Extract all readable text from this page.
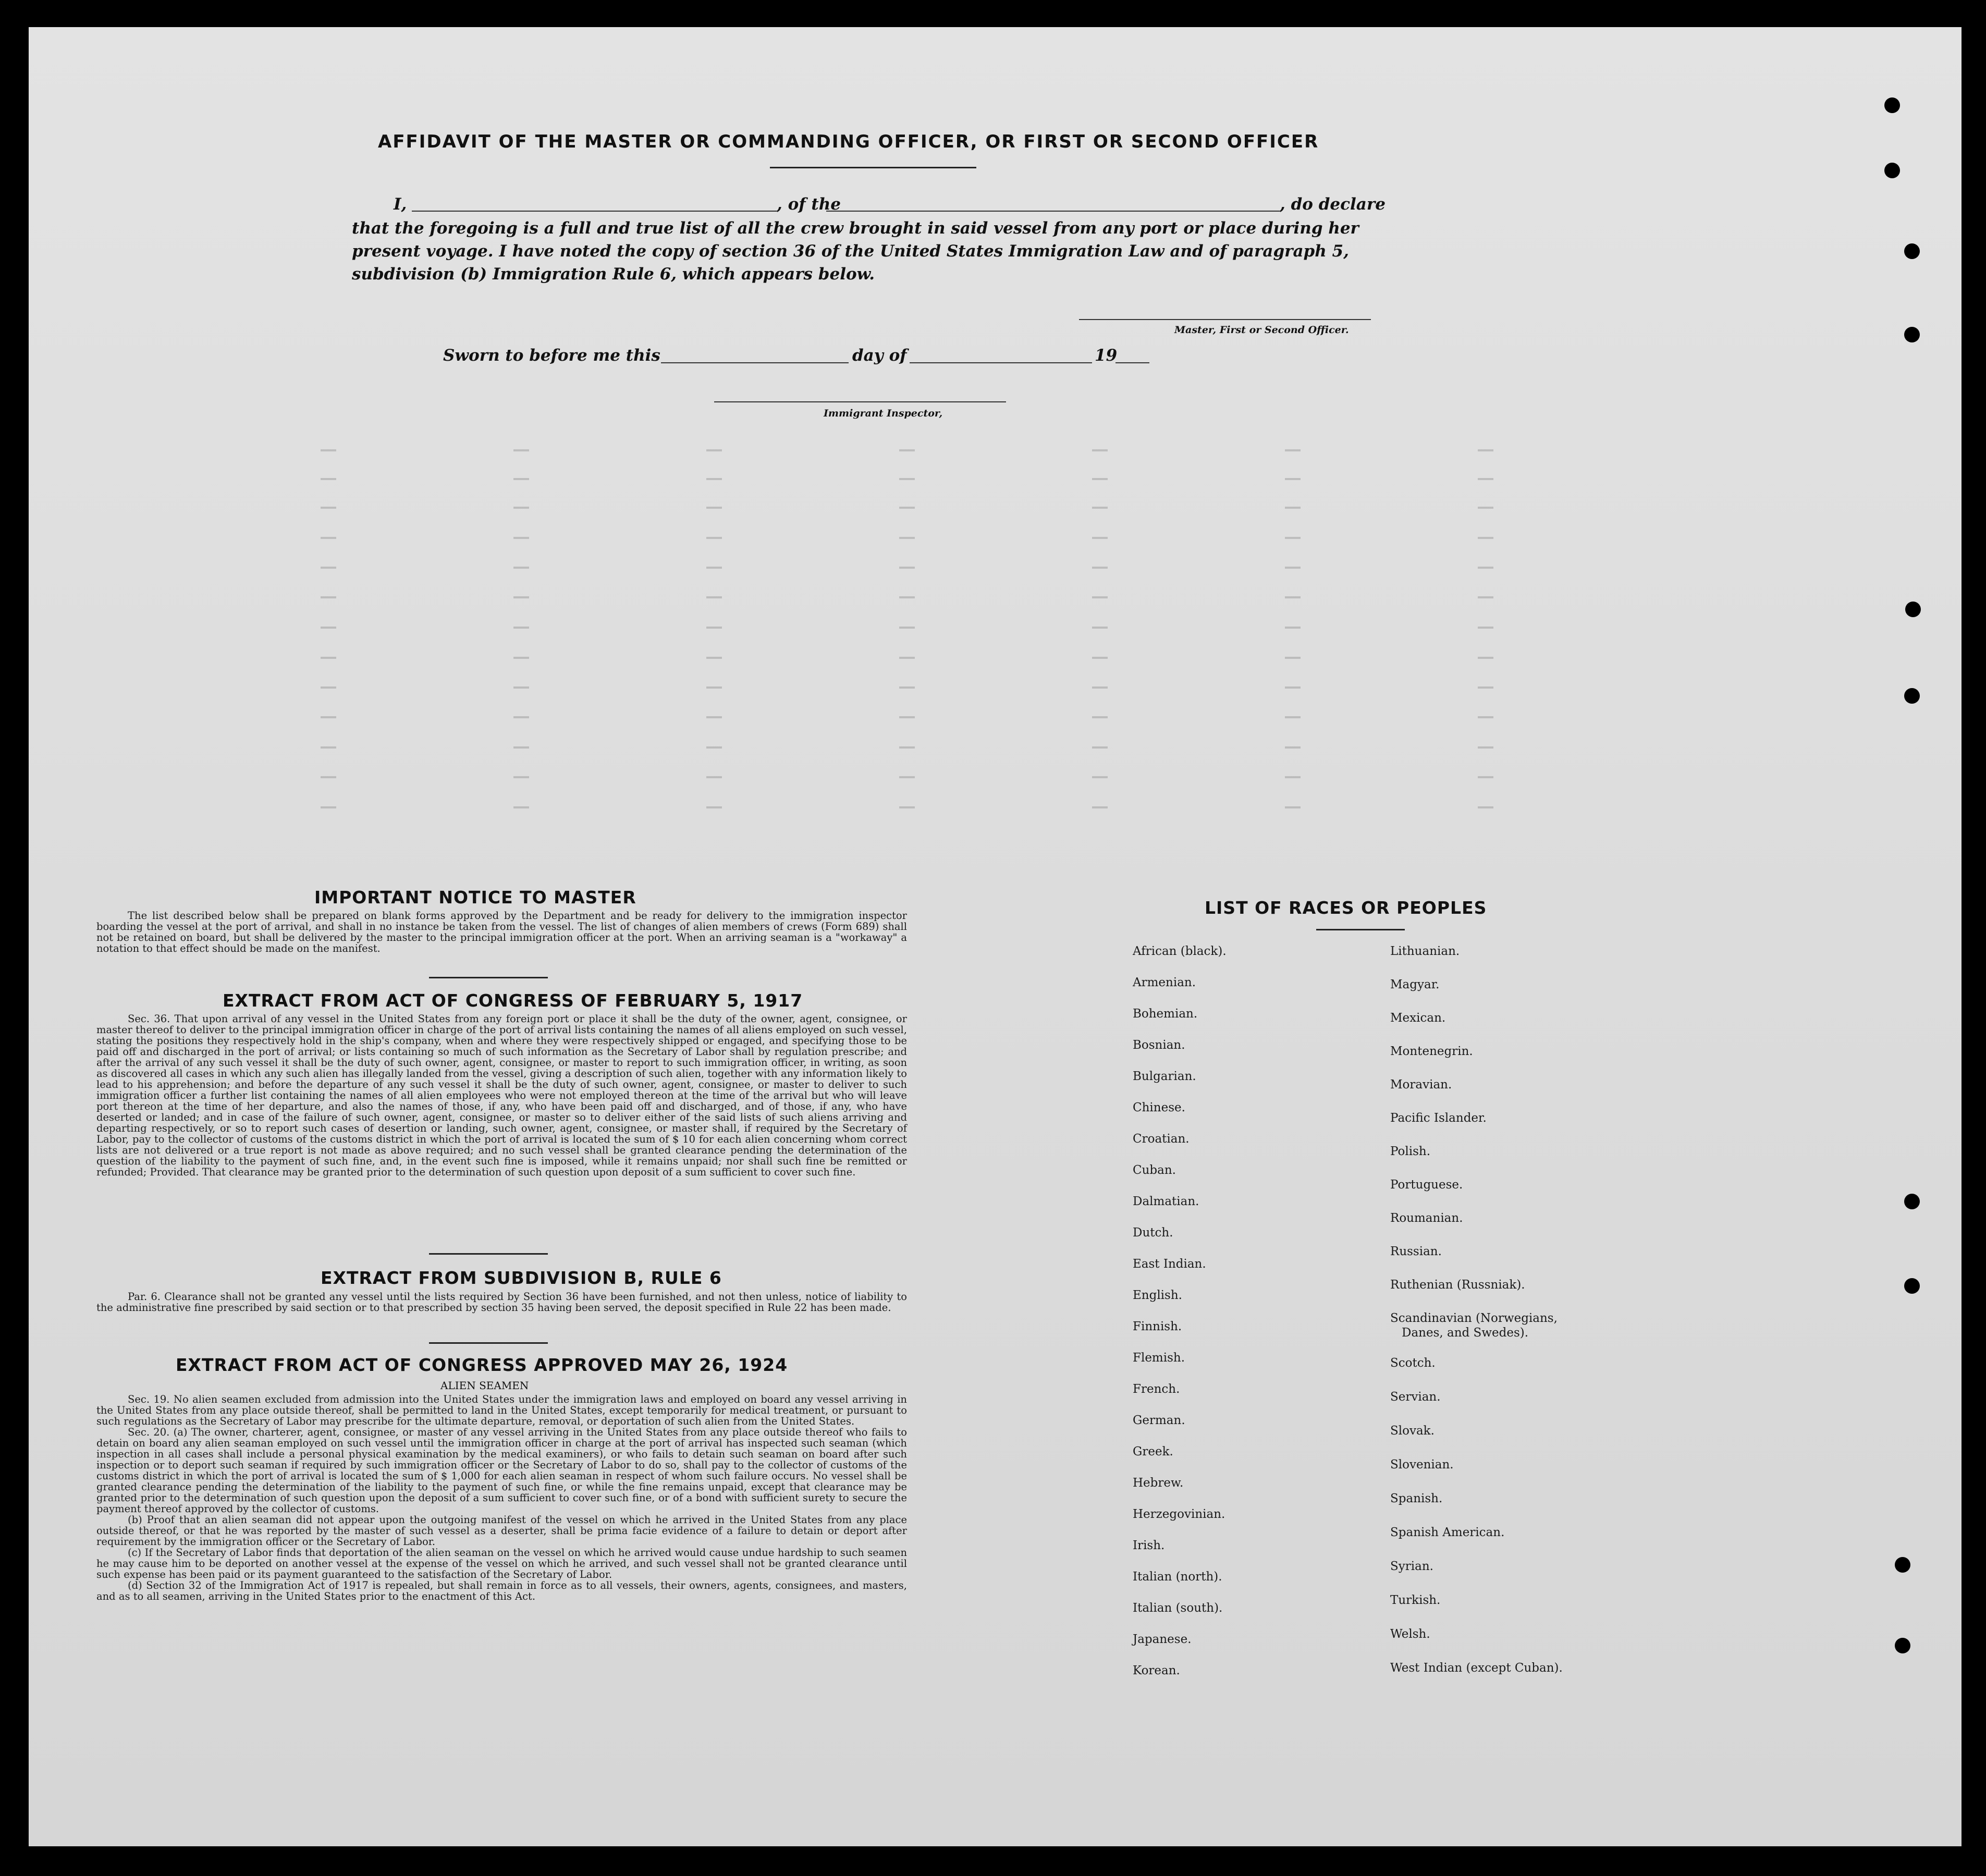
AFFIDAVIT OF THE MASTER OR COMMANDING OFFICER, OR FIRST OR SECOND OFFICER
I,	, of the	, do declare
that the foregoing is a full and true list of all the crew brought in said vessel from any port or place during her
present voyage. I have noted the copy of section 36 of the United States Immigration Law and of paragraph 5,
subdivision (b) Immigration Rule 6, which appears below.
Master, First or Second Officer.
Sworn to before me this	day of	19
Immigrant Inspector,
IMPORTANT NOTICE TO MASTER

The list described below shall be prepared on blank forms approved by the Department and be ready for delivery to the immigration inspector boarding the vessel at the port of arrival, and shall in no instance be taken from the vessel. The list of changes of alien members of crews (Form 689) shall not be retained on board, but shall be delivered by the master to the principal immigration officer at the port. When an arriving seaman is a "workaway" a notation to that effect should be made on the manifest.

EXTRACT FROM ACT OF CONGRESS OF FEBRUARY 5, 1917

Sec. 36. That upon arrival of any vessel in the United States from any foreign port or place it shall be the duty of the owner, agent, consignee, or master thereof to deliver to the principal immigration officer in charge of the port of arrival lists containing the names of all aliens employed on such vessel, stating the positions they respectively hold in the ship's company, when and where they were respectively shipped or engaged, and specifying those to be paid off and discharged in the port of arrival; or lists containing so much of such information as the Secretary of Labor shall by regulation prescribe; and after the arrival of any such vessel it shall be the duty of such owner, agent, consignee, or master to report to such immigration officer, in writing, as soon as discovered all cases in which any such alien has illegally landed from the vessel, giving a description of such alien, together with any information likely to lead to his apprehension; and before the departure of any such vessel it shall be the duty of such owner, agent, consignee, or master to deliver to such immigration officer a further list containing the names of all alien employees who were not employed thereon at the time of the arrival but who will leave port thereon at the time of her departure, and also the names of those, if any, who have been paid off and discharged, and of those, if any, who have deserted or landed; and in case of the failure of such owner, agent, consignee, or master so to deliver either of the said lists of such aliens arriving and departing respectively, or so to report such cases of desertion or landing, such owner, agent, consignee, or master shall, if required by the Secretary of Labor, pay to the collector of customs of the customs district in which the port of arrival is located the sum of $ 10 for each alien concerning whom correct lists are not delivered or a true report is not made as above required; and no such vessel shall be granted clearance pending the determination of the question of the liability to the payment of such fine, and, in the event such fine is imposed, while it remains unpaid; nor shall such fine be remitted or refunded; Provided. That clearance may be granted prior to the determination of such question upon deposit of a sum sufficient to cover such fine.

EXTRACT FROM SUBDIVISION B, RULE 6

Par. 6. Clearance shall not be granted any vessel until the lists required by Section 36 have been furnished, and not then unless, notice of liability to the administrative fine prescribed by said section or to that prescribed by section 35 having been served, the deposit specified in Rule 22 has been made.

EXTRACT FROM ACT OF CONGRESS APPROVED MAY 26, 1924
ALIEN SEAMEN

Sec. 19. No alien seamen excluded from admission into the United States under the immigration laws and employed on board any vessel arriving in the United States from any place outside thereof, shall be permitted to land in the United States, except temporarily for medical treatment, or pursuant to such regulations as the Secretary of Labor may prescribe for the ultimate departure, removal, or deportation of such alien from the United States.

Sec. 20. (a) The owner, charterer, agent, consignee, or master of any vessel arriving in the United States from any place outside thereof who fails to detain on board any alien seaman employed on such vessel until the immigration officer in charge at the port of arrival has inspected such seaman (which inspection in all cases shall include a personal physical examination by the medical examiners), or who fails to detain such seaman on board after such inspection or to deport such seaman if required by such immigration officer or the Secretary of Labor to do so, shall pay to the collector of customs of the customs district in which the port of arrival is located the sum of $ 1,000 for each alien seaman in respect of whom such failure occurs. No vessel shall be granted clearance pending the determination of the liability to the payment of such fine, or while the fine remains unpaid, except that clearance may be granted prior to the determination of such question upon the deposit of a sum sufficient to cover such fine, or of a bond with sufficient surety to secure the payment thereof approved by the collector of customs.

(b) Proof that an alien seaman did not appear upon the outgoing manifest of the vessel on which he arrived in the United States from any place outside thereof, or that he was reported by the master of such vessel as a deserter, shall be prima facie evidence of a failure to detain or deport after requirement by the immigration officer or the Secretary of Labor.

(c) If the Secretary of Labor finds that deportation of the alien seaman on the vessel on which he arrived would cause undue hardship to such seamen he may cause him to be deported on another vessel at the expense of the vessel on which he arrived, and such vessel shall not be granted clearance until such expense has been paid or its payment guaranteed to the satisfaction of the Secretary of Labor.

(d) Section 32 of the Immigration Act of 1917 is repealed, but shall remain in force as to all vessels, their owners, agents, consignees, and masters, and as to all seamen, arriving in the United States prior to the enactment of this Act.

LIST OF RACES OR PEOPLES
African (black).
Armenian.
Bohemian.
Bosnian.
Bulgarian.
Chinese.
Croatian.
Cuban.
Dalmatian.
Dutch.
East Indian.
English.
Finnish.
Flemish.
French.
German.
Greek.
Hebrew.
Herzegovinian.
Irish.
Italian (north).
Italian (south).
Japanese.
Korean.
Lithuanian.
Magyar.
Mexican.
Montenegrin.
Moravian.
Pacific Islander.
Polish.
Portuguese.
Roumanian.
Russian.
Ruthenian (Russniak).
Scandinavian (Norwegians,
Danes, and Swedes).
Scotch.
Servian.
Slovak.
Slovenian.
Spanish.
Spanish American.
Syrian.
Turkish.
Welsh.
West Indian (except Cuban).
